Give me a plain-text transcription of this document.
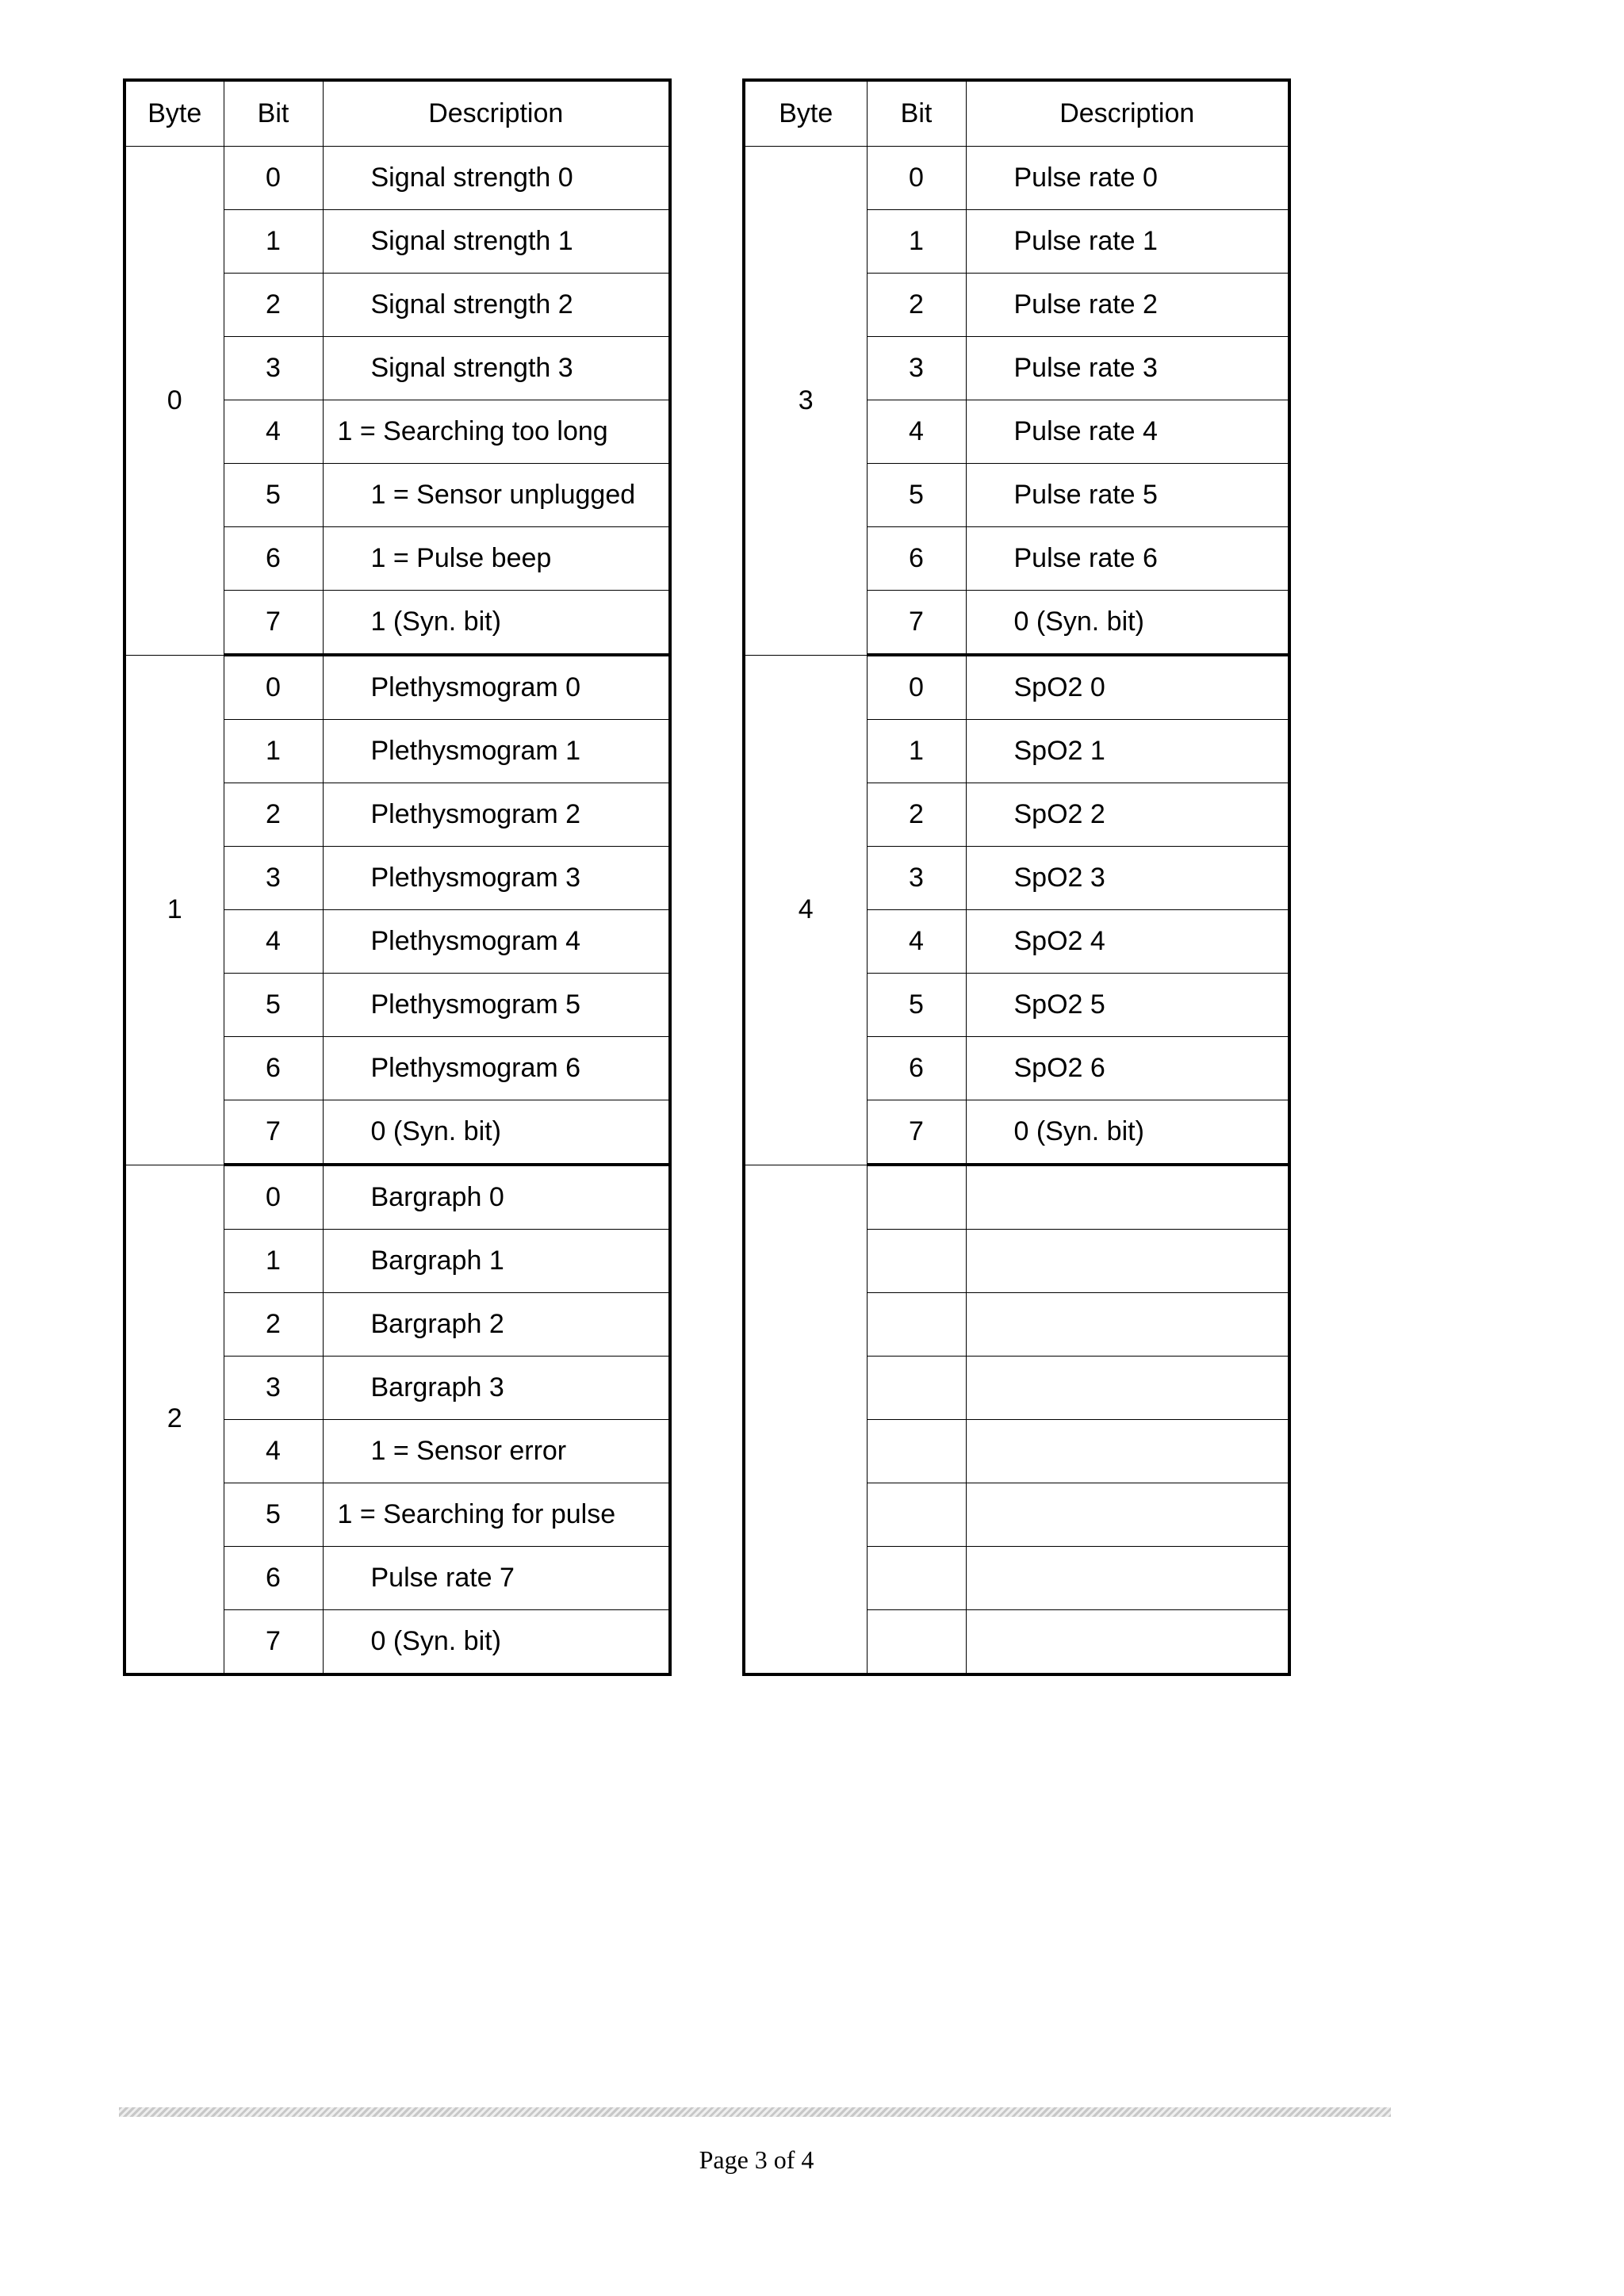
Byte	Bit	Description
0	0	Signal strength 0
	1	Signal strength 1
	2	Signal strength 2
	3	Signal strength 3
	4	1 = Searching too long
	5	1 = Sensor unplugged
	6	1 = Pulse beep
	7	1 (Syn. bit)
1	0	Plethysmogram 0
	1	Plethysmogram 1
	2	Plethysmogram 2
	3	Plethysmogram 3
	4	Plethysmogram 4
	5	Plethysmogram 5
	6	Plethysmogram 6
	7	0 (Syn. bit)
2	0	Bargraph 0
	1	Bargraph 1
	2	Bargraph 2
	3	Bargraph 3
	4	1 = Sensor error
	5	1 = Searching for pulse
	6	Pulse rate 7
	7	0 (Syn. bit)
Byte	Bit	Description
3	0	Pulse rate 0
	1	Pulse rate 1
	2	Pulse rate 2
	3	Pulse rate 3
	4	Pulse rate 4
	5	Pulse rate 5
	6	Pulse rate 6
	7	0 (Syn. bit)
4	0	SpO2 0
	1	SpO2 1
	2	SpO2 2
	3	SpO2 3
	4	SpO2 4
	5	SpO2 5
	6	SpO2 6
	7	0 (Syn. bit)

Page 3 of 4
